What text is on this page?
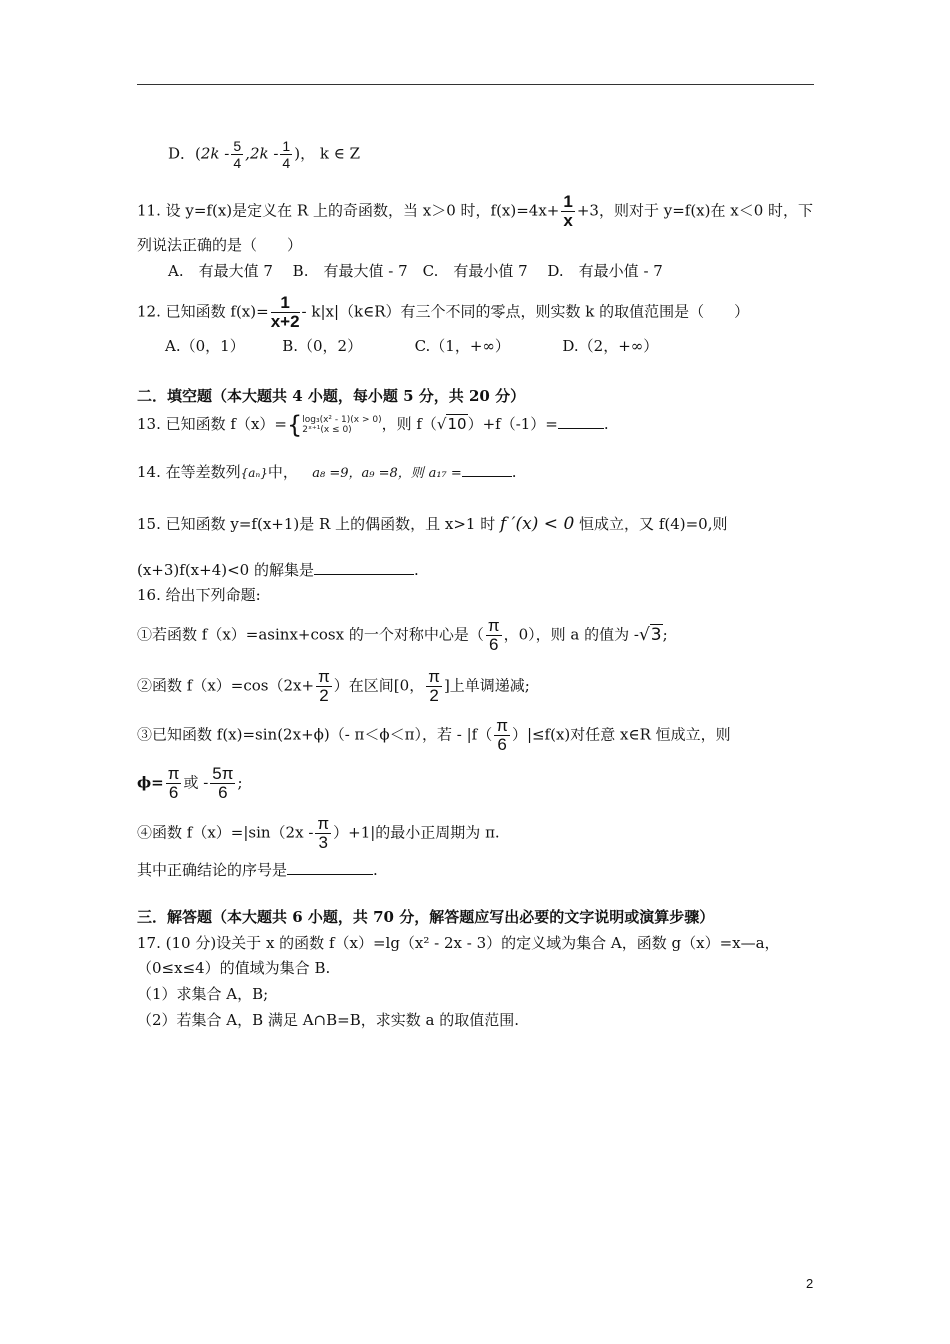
D．($2k - \frac{5}{4} ,2k - \frac{1}{4}$ )， k ∈ Z
11. 设 y=f(x)是定义在 R 上的奇函数，当 x＞0 时，$f(x)=4x+ \frac{1}{x} +3$，则对于 y=f(x)在 x＜0 时，下
列说法正确的是（　　）
A.　有最大值 7　 B.　有最大值 - 7　C.　有最小值 7　 D.　有最小值 - 7
12. 已知函数 $f(x)= \frac{1}{x+2}$ - k|x|（k∈R）有三个不同的零点，则实数 k 的取值范围是（　　）
A.（0，1）　　　B.（0，2）　　　　C.（1，+∞）　　　　D.（2，+∞）
二．填空题（本大题共 4 小题，每小题 5 分，共 20 分）
13. 已知函数 f（x）={ log₃(x² - 1)(x > 0)
2ˣ⁺¹(x ≤ 0)	，则 f（√10）+f（-1）=	.
14. 在等差数列{aₙ}中， a₈ =9，a₉ =8，则 a₁₇ =	.
15. 已知函数 y=f(x+1)是 R 上的偶函数，且 x>1 时 f ′(x) < 0 恒成立，又 f(4)=0,则
(x+3)f(x+4)<0 的解集是	.
16. 给出下列命题:
①若函数 f（x）=asinx+cosx 的一个对称中心是（ $\frac{\pi}{6}$ ，0），则 a 的值为 -√3;
②函数 $f(x)=\cos(2x+ \frac{\pi}{2}$ ）在区间[0， $\frac{\pi}{2}$ ]上单调递减;
③已知函数 f(x)=sin(2x+ϕ)（- π＜ϕ＜π），若 - $|f( \frac{\pi}{6} )|\le f(x)$对任意 x∈R 恒成立，则
$\phi= \frac{\pi}{6}$ 或 - $\frac{5\pi}{6}$ ;
④函数 $f(x)=|\sin(2x - \frac{\pi}{3} )+1|$的最小正周期为 π.
其中正确结论的序号是	.
三．解答题（本大题共 6 小题，共 70 分，解答题应写出必要的文字说明或演算步骤）
17. (10 分)设关于 x 的函数 f（x）=lg（x² - 2x - 3）的定义域为集合 A，函数 g（x）=x—a，
（0≤x≤4）的值域为集合 B.
（1）求集合 A，B;
（2）若集合 A，B 满足 A∩B=B，求实数 a 的取值范围.
2
